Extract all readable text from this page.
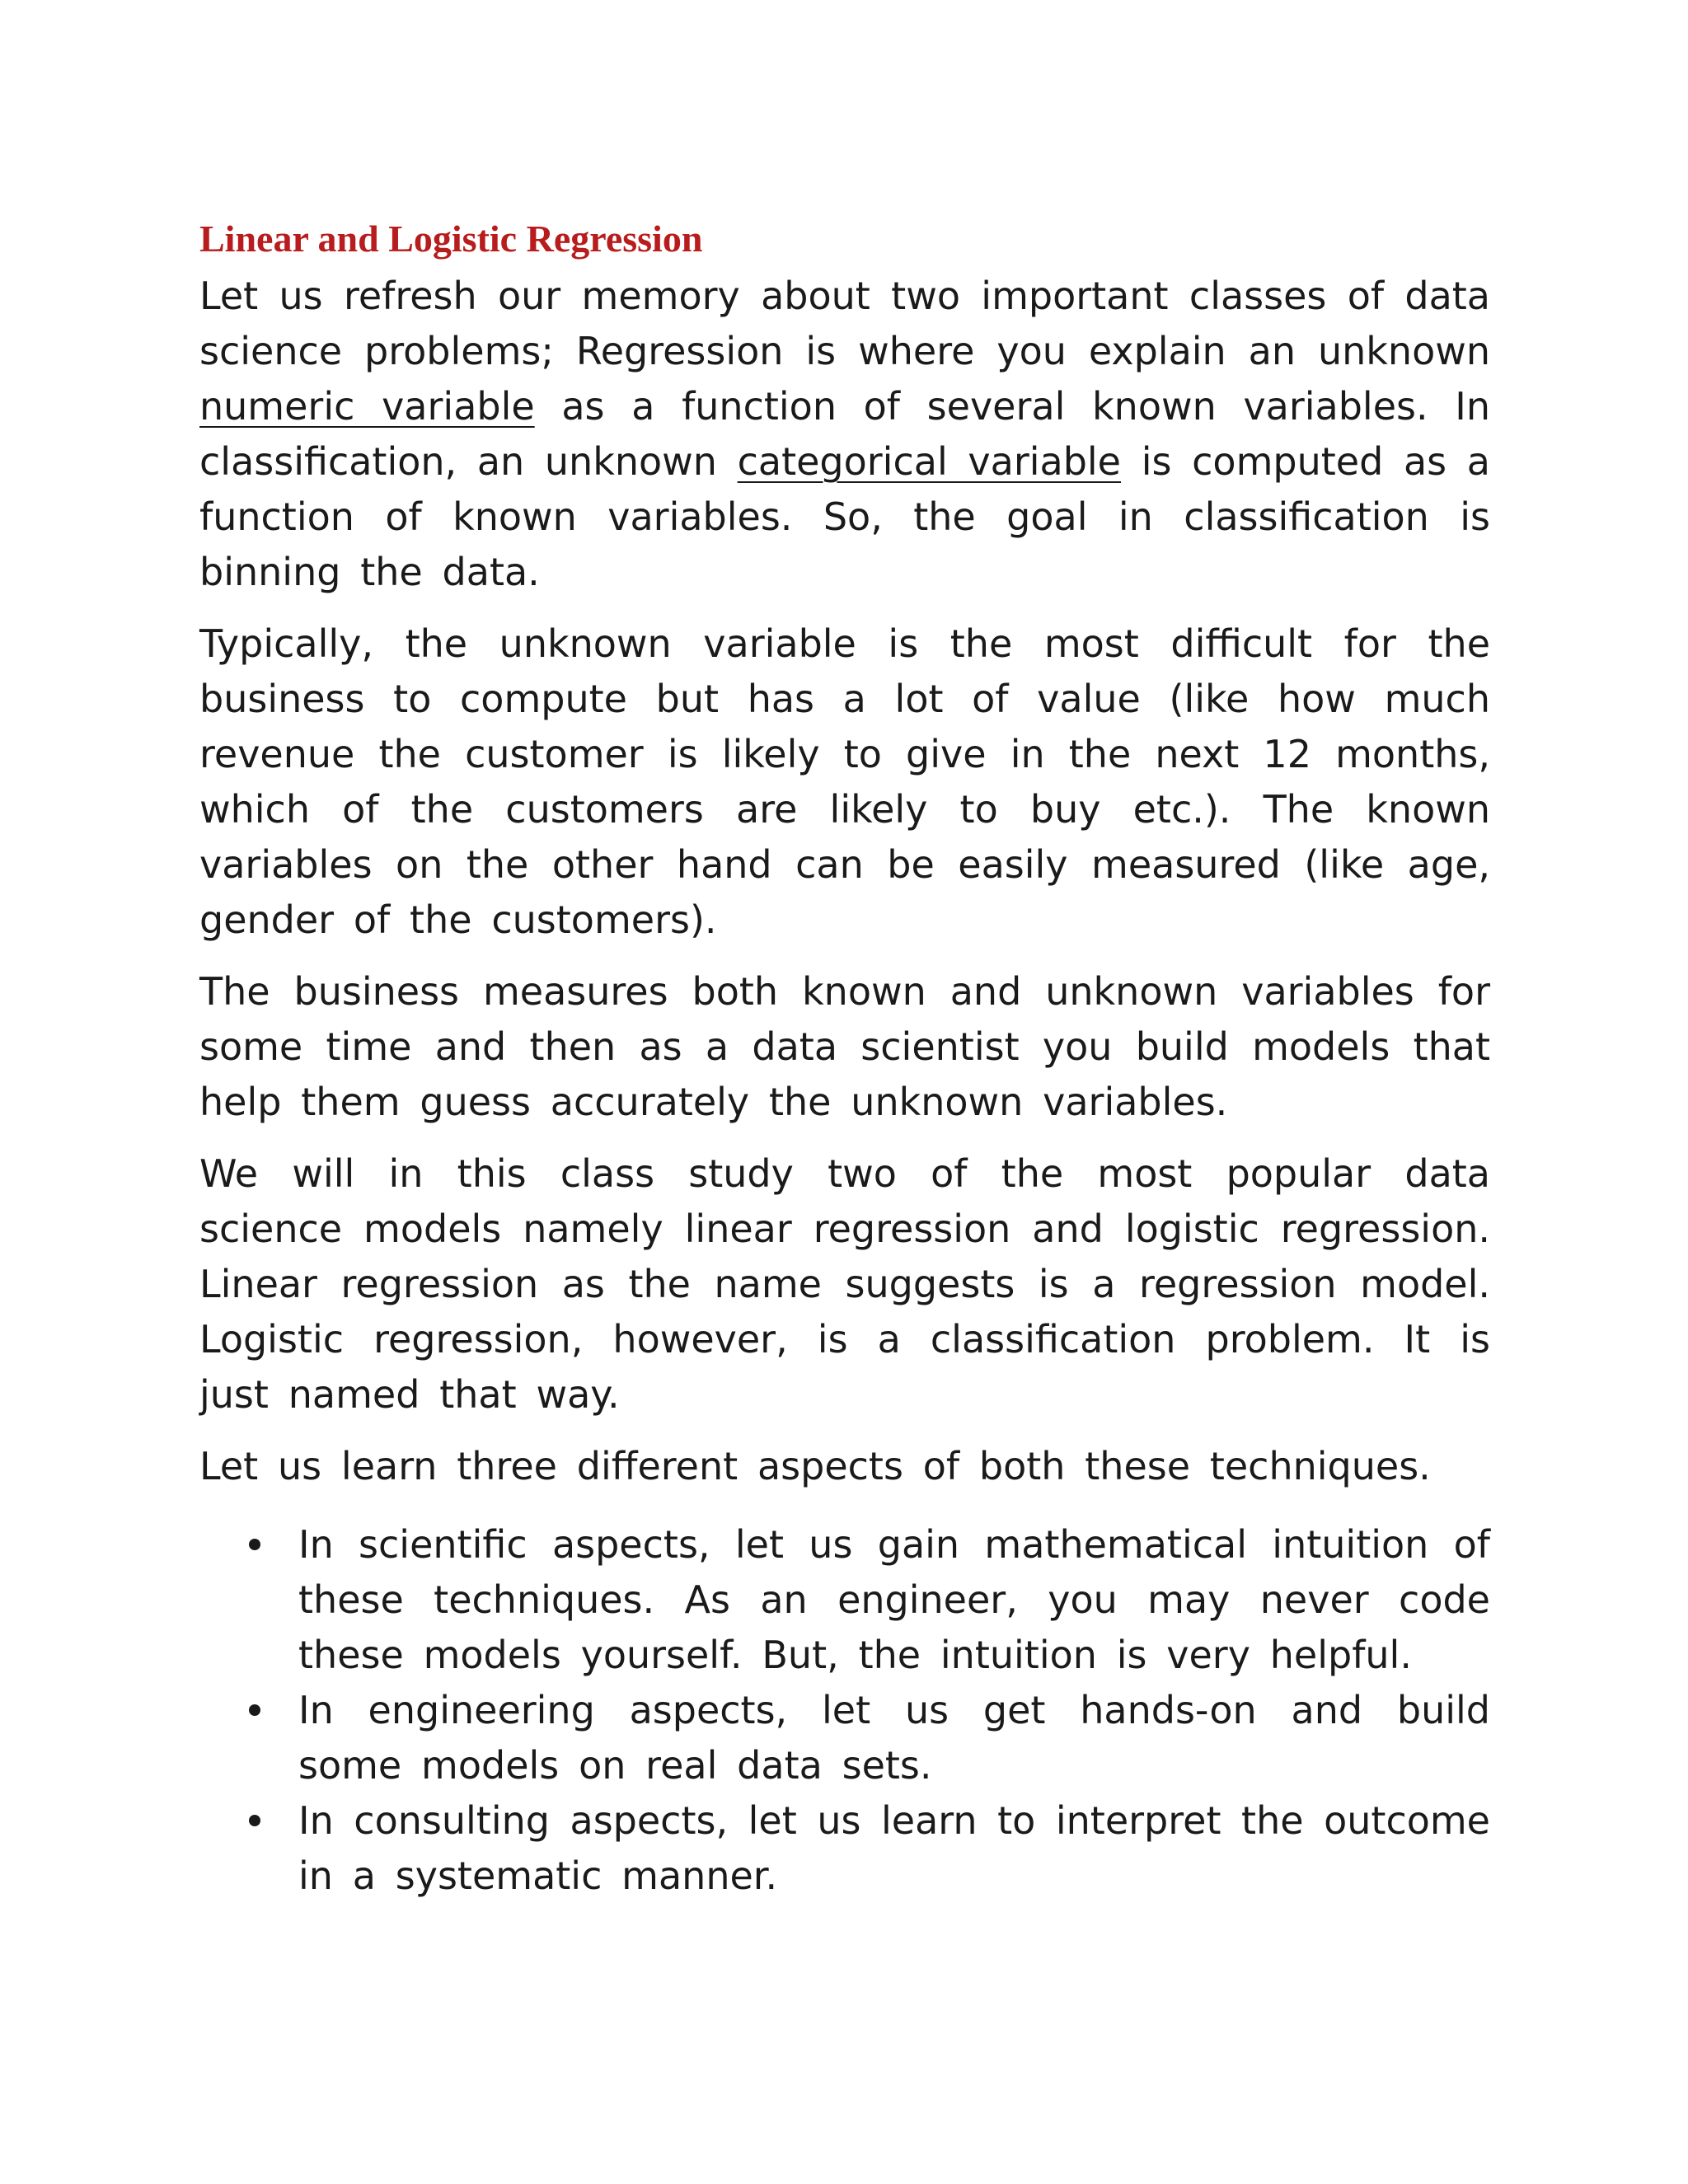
Linear and Logistic Regression

Let us refresh our memory about two important classes of data science problems; Regression is where you explain an unknown numeric variable as a function of several known variables. In classification, an unknown categorical variable is computed as a function of known variables. So, the goal in classification is binning the data.

Typically, the unknown variable is the most difficult for the business to compute but has a lot of value (like how much revenue the customer is likely to give in the next 12 months, which of the customers are likely to buy etc.). The known variables on the other hand can be easily measured (like age, gender of the customers).

The business measures both known and unknown variables for some time and then as a data scientist you build models that help them guess accurately the unknown variables.

We will in this class study two of the most popular data science models namely linear regression and logistic regression. Linear regression as the name suggests is a regression model. Logistic regression, however, is a classification problem. It is just named that way.

Let us learn three different aspects of both these techniques.

In scientific aspects, let us gain mathematical intuition of these techniques. As an engineer, you may never code these models yourself. But, the intuition is very helpful.
In engineering aspects, let us get hands-on and build some models on real data sets.
In consulting aspects, let us learn to interpret the outcome in a systematic manner.
